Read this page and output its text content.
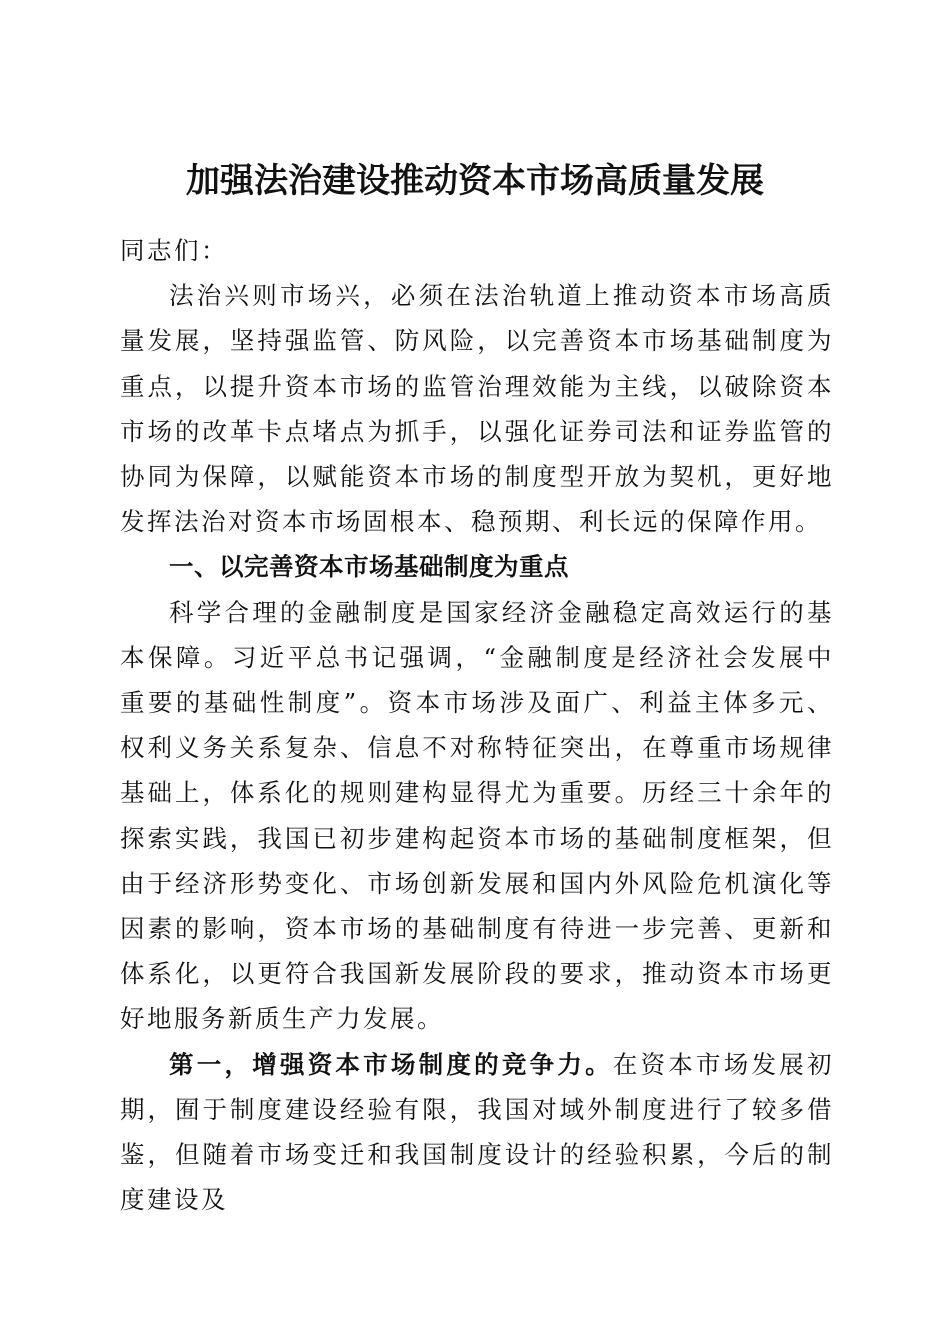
加强法治建设推动资本市场高质量发展

同志们：

法治兴则市场兴，必须在法治轨道上推动资本市场高质量发展，坚持强监管、防风险，以完善资本市场基础制度为重点，以提升资本市场的监管治理效能为主线，以破除资本市场的改革卡点堵点为抓手，以强化证券司法和证券监管的协同为保障，以赋能资本市场的制度型开放为契机，更好地发挥法治对资本市场固根本、稳预期、利长远的保障作用。

一、以完善资本市场基础制度为重点

科学合理的金融制度是国家经济金融稳定高效运行的基本保障。习近平总书记强调，“金融制度是经济社会发展中重要的基础性制度”。资本市场涉及面广、利益主体多元、权利义务关系复杂、信息不对称特征突出，在尊重市场规律基础上，体系化的规则建构显得尤为重要。历经三十余年的探索实践，我国已初步建构起资本市场的基础制度框架，但由于经济形势变化、市场创新发展和国内外风险危机演化等因素的影响，资本市场的基础制度有待进一步完善、更新和体系化，以更符合我国新发展阶段的要求，推动资本市场更好地服务新质生产力发展。

第一，增强资本市场制度的竞争力。在资本市场发展初期，囿于制度建设经验有限，我国对域外制度进行了较多借鉴，但随着市场变迁和我国制度设计的经验积累，今后的制度建设及
